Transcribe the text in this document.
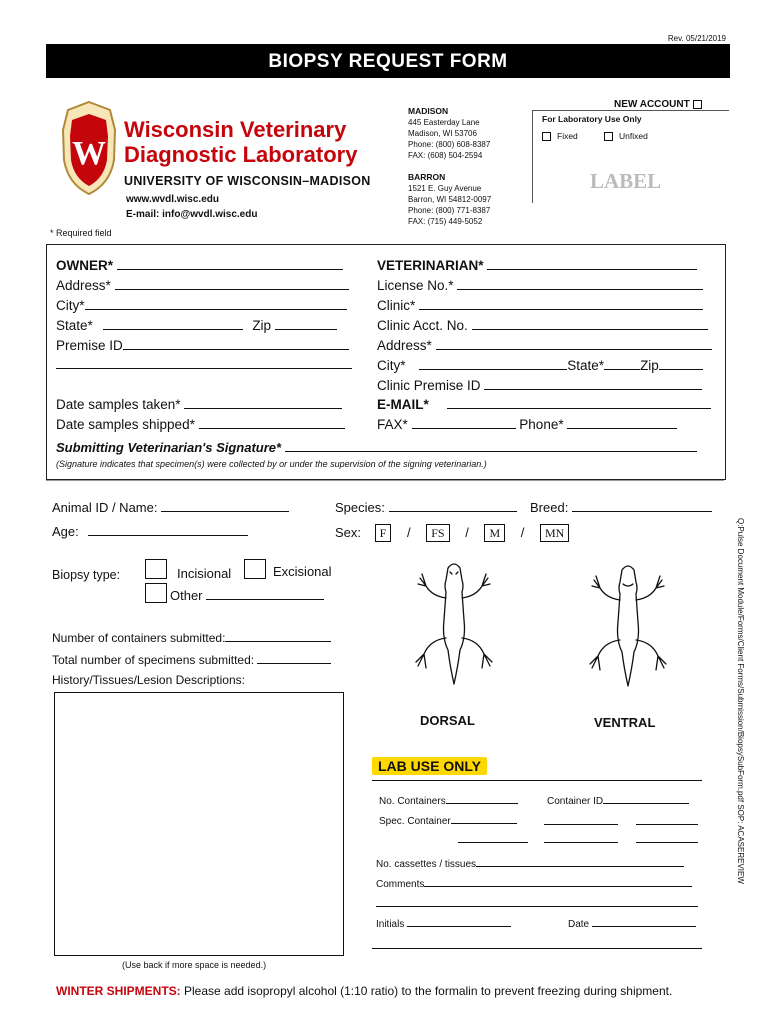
Rev. 05/21/2019
BIOPSY REQUEST FORM
W
Wisconsin Veterinary
Diagnostic Laboratory
UNIVERSITY OF WISCONSIN–MADISON
www.wvdl.wisc.edu
E-mail: info@wvdl.wisc.edu
MADISON
445 Easterday Lane
Madison, WI 53706
Phone: (800) 608-8387
FAX: (608) 504-2594
BARRON
1521 E. Guy Avenue
Barron, WI 54812-0097
Phone: (800) 771-8387
FAX: (715) 449-5052
NEW ACCOUNT
For Laboratory Use Only
Fixed	Unfixed
LABEL
* Required field
OWNER*
Address*
City*
State*	Zip
Premise ID
Date samples taken*
Date samples shipped*
VETERINARIAN*
License No.*
Clinic*
Clinic Acct. No.
Address*
City*	State*	Zip
Clinic Premise ID
E-MAIL*
FAX*	Phone*
Submitting Veterinarian's Signature*
(Signature indicates that specimen(s) were collected by or under the supervision of the signing veterinarian.)
Animal ID / Name:
Age:
Species:	Breed:
Sex: F / FS / M / MN
Biopsy type:	Incisional	Excisional
Other
Number of containers submitted:
Total number of specimens submitted:
History/Tissues/Lesion Descriptions:
DORSAL	VENTRAL
LAB USE ONLY
No. Containers	Container ID
Spec. Container
No. cassettes / tissues
Comments
Initials	Date
(Use back if more space is needed.)
WINTER SHIPMENTS: Please add isopropyl alcohol (1:10 ratio) to the formalin to prevent freezing during shipment.
Q:Pulse Document Module/Forms/Client Forms/Submission/BiopsySubForm.pdf SOP: ACASEREVIEW
